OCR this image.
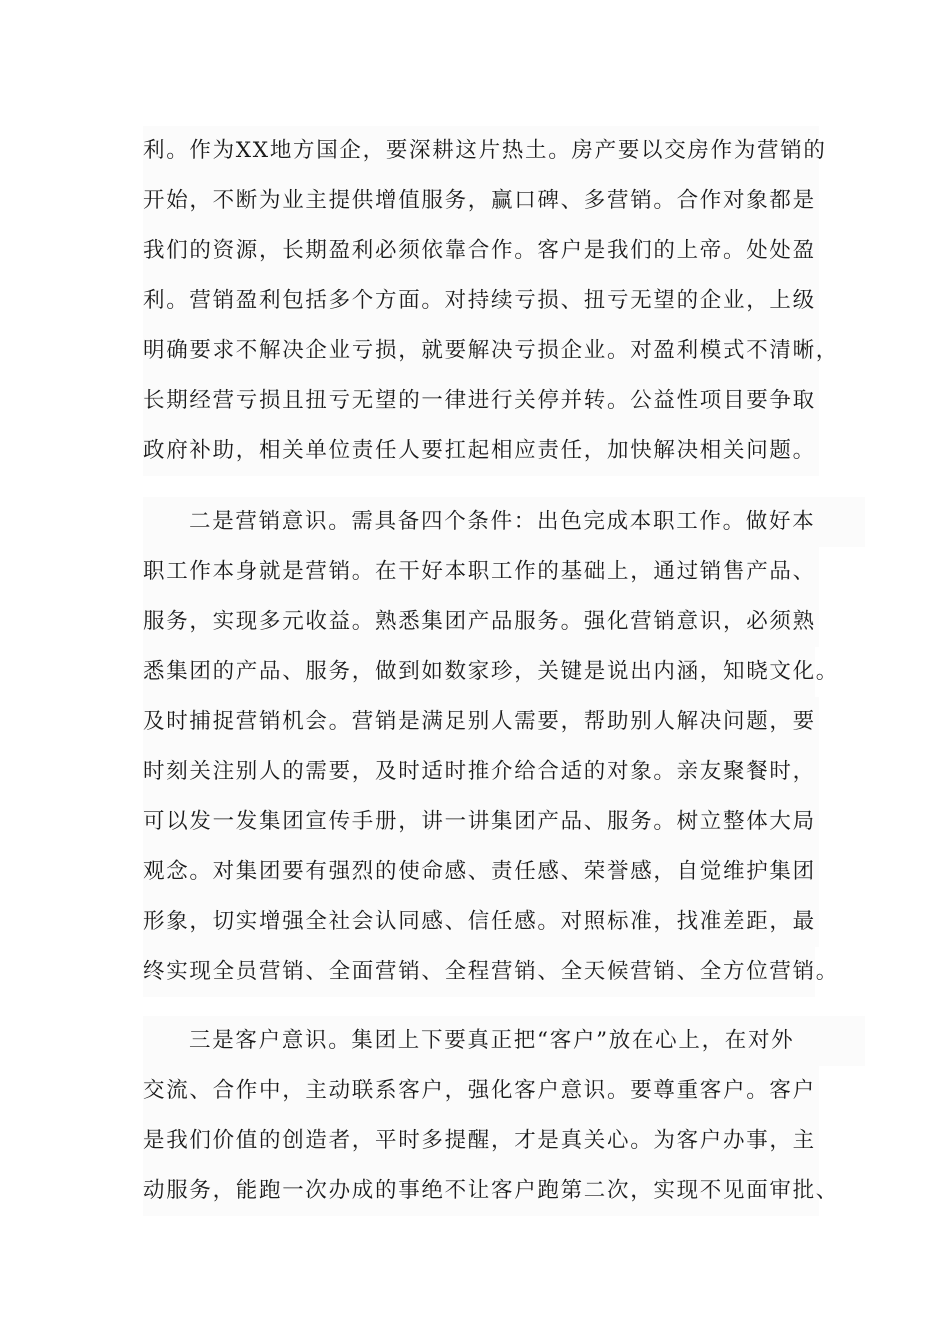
利。作为XX地方国企，要深耕这片热土。房产要以交房作为营销的
开始，不断为业主提供增值服务，赢口碑、多营销。合作对象都是
我们的资源，长期盈利必须依靠合作。客户是我们的上帝。处处盈
利。营销盈利包括多个方面。对持续亏损、扭亏无望的企业，上级
明确要求不解决企业亏损，就要解决亏损企业。对盈利模式不清晰，
长期经营亏损且扭亏无望的一律进行关停并转。公益性项目要争取
政府补助，相关单位责任人要扛起相应责任，加快解决相关问题。
二是营销意识。需具备四个条件：出色完成本职工作。做好本
职工作本身就是营销。在干好本职工作的基础上，通过销售产品、
服务，实现多元收益。熟悉集团产品服务。强化营销意识，必须熟
悉集团的产品、服务，做到如数家珍，关键是说出内涵，知晓文化。
及时捕捉营销机会。营销是满足别人需要，帮助别人解决问题，要
时刻关注别人的需要，及时适时推介给合适的对象。亲友聚餐时，
可以发一发集团宣传手册，讲一讲集团产品、服务。树立整体大局
观念。对集团要有强烈的使命感、责任感、荣誉感，自觉维护集团
形象，切实增强全社会认同感、信任感。对照标准，找准差距，最
终实现全员营销、全面营销、全程营销、全天候营销、全方位营销。
三是客户意识。集团上下要真正把“客户”放在心上，在对外
交流、合作中，主动联系客户，强化客户意识。要尊重客户。客户
是我们价值的创造者，平时多提醒，才是真关心。为客户办事，主
动服务，能跑一次办成的事绝不让客户跑第二次，实现不见面审批、
